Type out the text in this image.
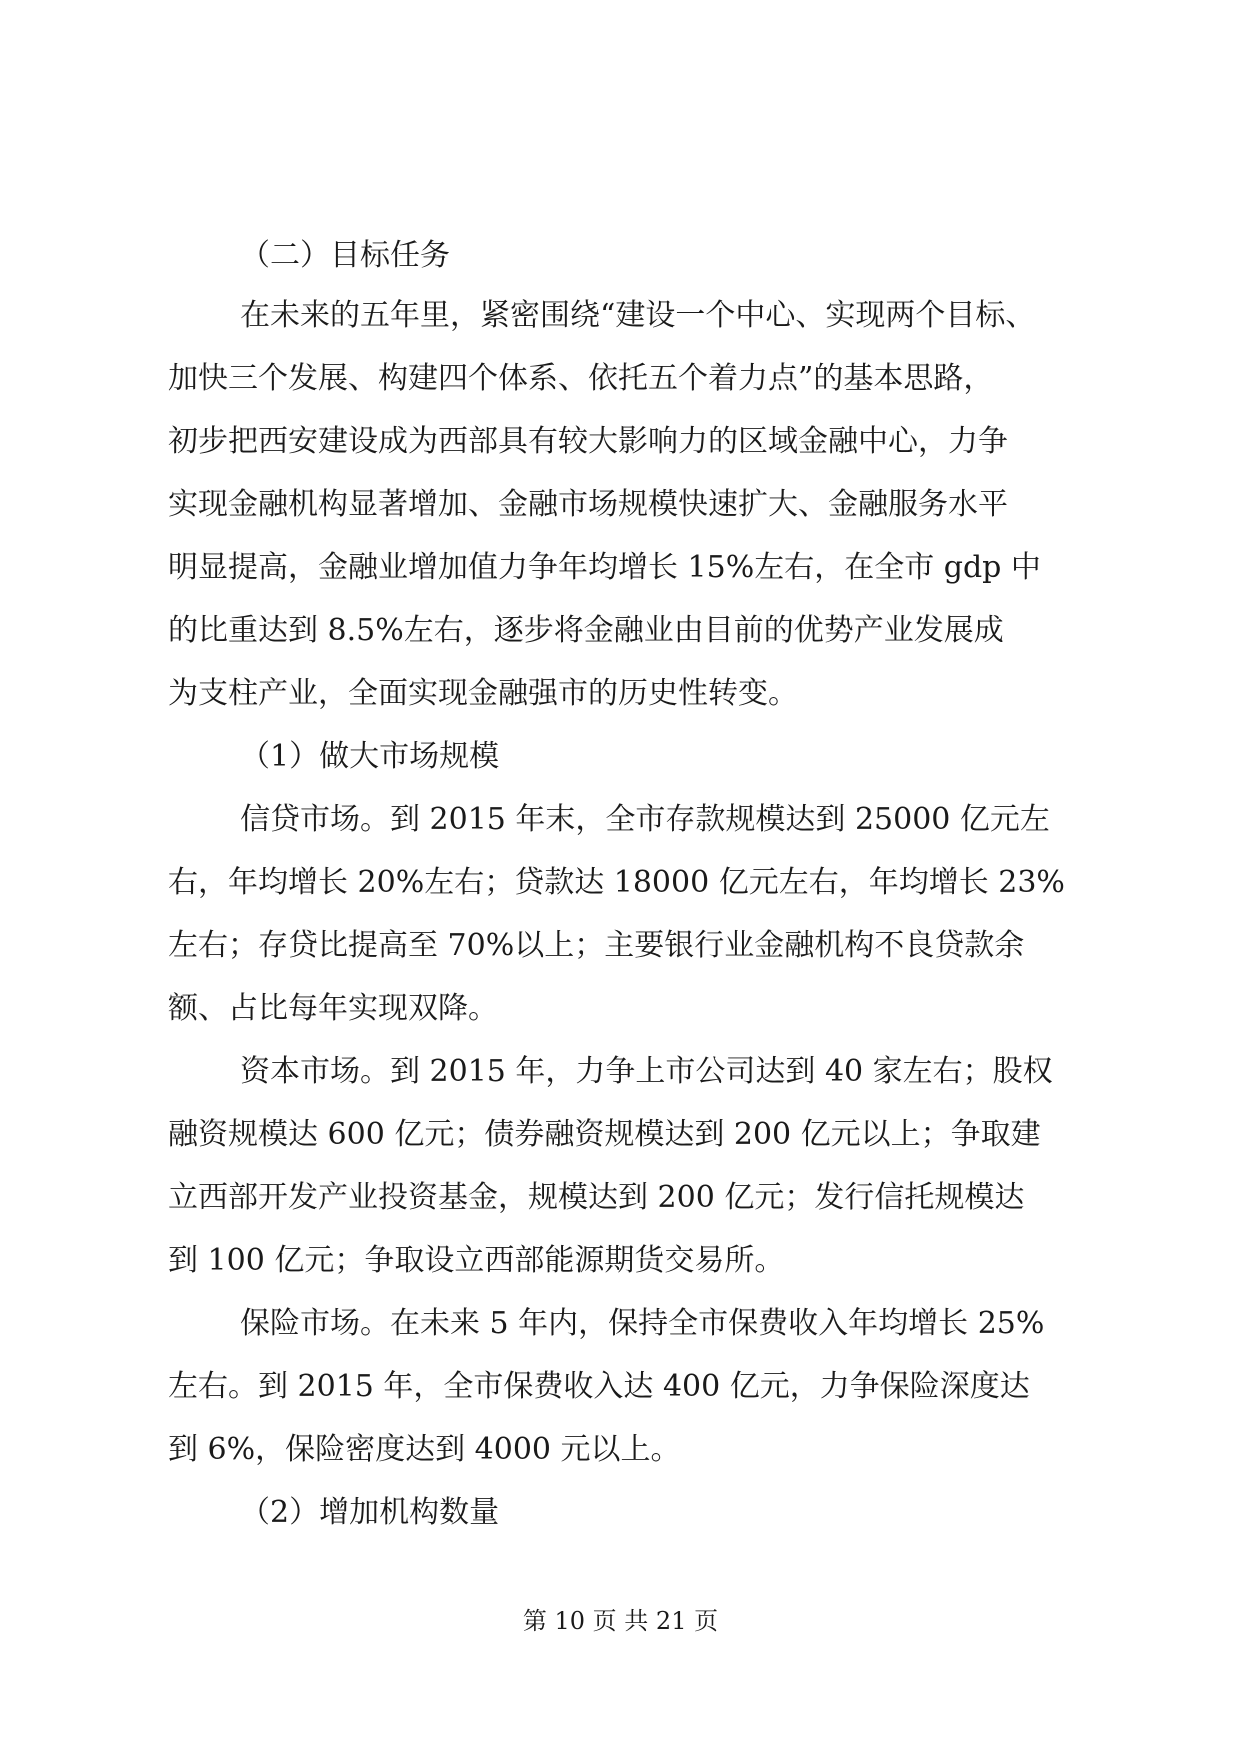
（二）目标任务
在未来的五年里，紧密围绕“建设一个中心、实现两个目标、
加快三个发展、构建四个体系、依托五个着力点”的基本思路，
初步把西安建设成为西部具有较大影响力的区域金融中心，力争
实现金融机构显著增加、金融市场规模快速扩大、金融服务水平
明显提高，金融业增加值力争年均增长 15%左右，在全市 gdp 中
的比重达到 8.5%左右，逐步将金融业由目前的优势产业发展成
为支柱产业，全面实现金融强市的历史性转变。
（1）做大市场规模
信贷市场。到 2015 年末，全市存款规模达到 25000 亿元左
右，年均增长 20%左右；贷款达 18000 亿元左右，年均增长 23%
左右；存贷比提高至 70%以上；主要银行业金融机构不良贷款余
额、占比每年实现双降。
资本市场。到 2015 年，力争上市公司达到 40 家左右；股权
融资规模达 600 亿元；债券融资规模达到 200 亿元以上；争取建
立西部开发产业投资基金，规模达到 200 亿元；发行信托规模达
到 100 亿元；争取设立西部能源期货交易所。
保险市场。在未来 5 年内，保持全市保费收入年均增长 25%
左右。到 2015 年，全市保费收入达 400 亿元，力争保险深度达
到 6%，保险密度达到 4000 元以上。
（2）增加机构数量
第 10 页 共 21 页
